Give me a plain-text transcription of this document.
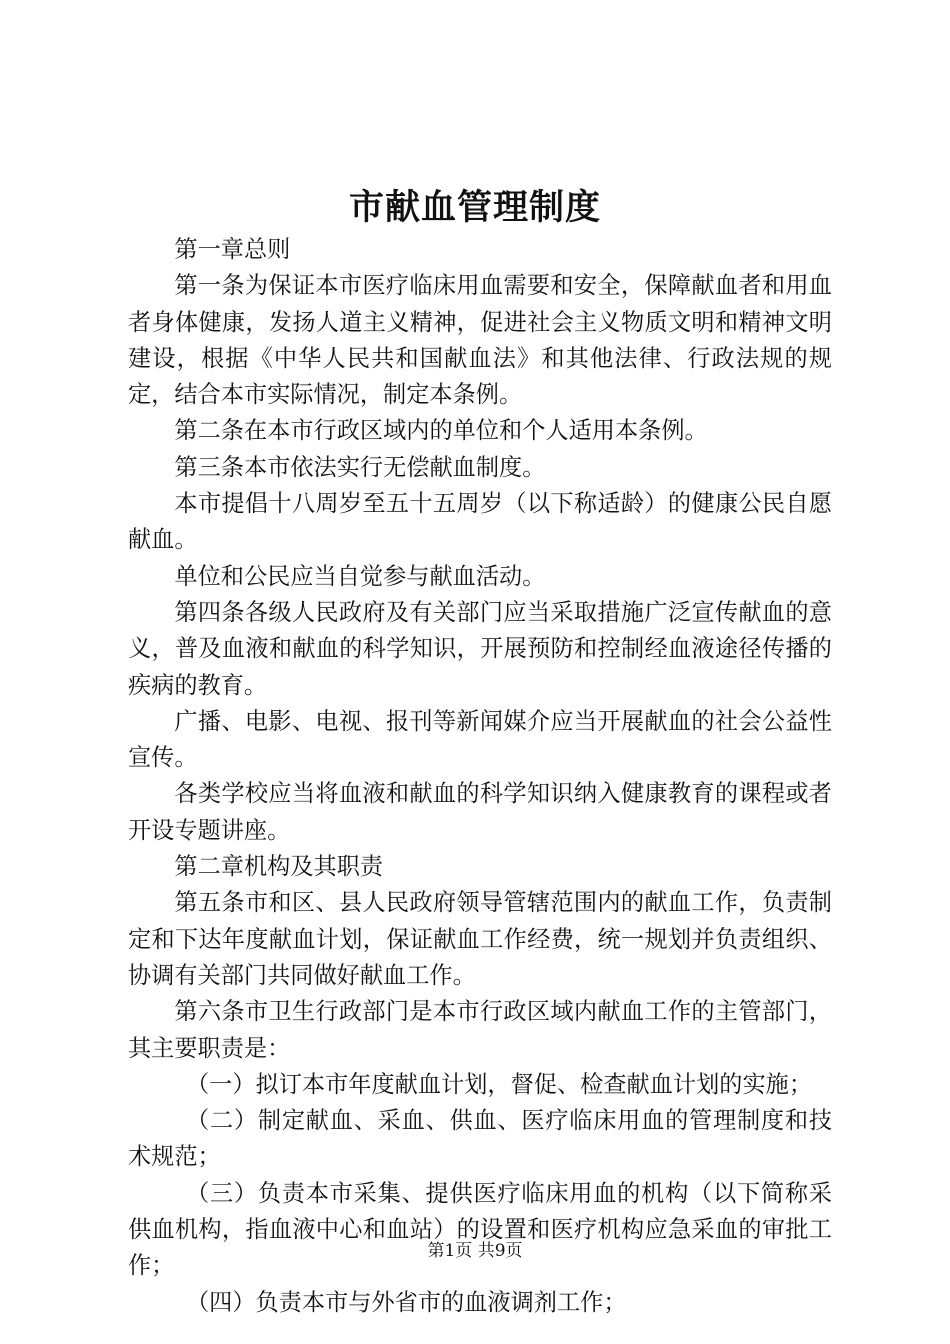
市献血管理制度

第一章总则

第一条为保证本市医疗临床用血需要和安全，保障献血者和用血者身体健康，发扬人道主义精神，促进社会主义物质文明和精神文明建设，根据《中华人民共和国献血法》和其他法律、行政法规的规定，结合本市实际情况，制定本条例。

第二条在本市行政区域内的单位和个人适用本条例。

第三条本市依法实行无偿献血制度。

本市提倡十八周岁至五十五周岁（以下称适龄）的健康公民自愿献血。

单位和公民应当自觉参与献血活动。

第四条各级人民政府及有关部门应当采取措施广泛宣传献血的意义，普及血液和献血的科学知识，开展预防和控制经血液途径传播的疾病的教育。

广播、电影、电视、报刊等新闻媒介应当开展献血的社会公益性宣传。

各类学校应当将血液和献血的科学知识纳入健康教育的课程或者开设专题讲座。

第二章机构及其职责

第五条市和区、县人民政府领导管辖范围内的献血工作，负责制定和下达年度献血计划，保证献血工作经费，统一规划并负责组织、协调有关部门共同做好献血工作。

第六条市卫生行政部门是本市行政区域内献血工作的主管部门，其主要职责是：

（一）拟订本市年度献血计划，督促、检查献血计划的实施；

（二）制定献血、采血、供血、医疗临床用血的管理制度和技术规范；

（三）负责本市采集、提供医疗临床用血的机构（以下简称采供血机构，指血液中心和血站）的设置和医疗机构应急采血的审批工作；

（四）负责本市与外省市的血液调剂工作；

第1页 共9页
